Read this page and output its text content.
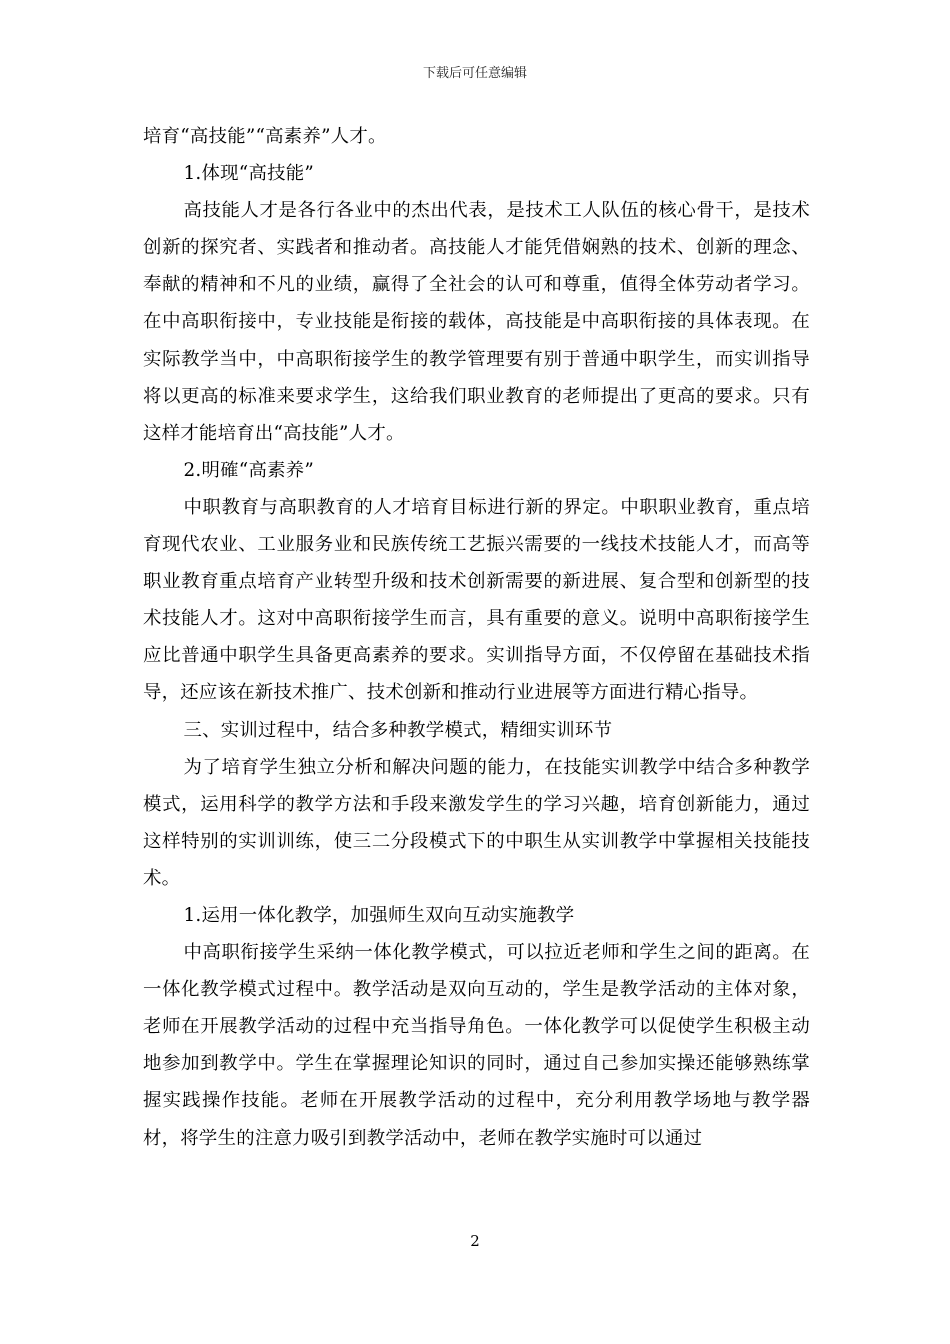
下载后可任意编辑

培育“高技能”“高素养”人才。

1.体现“高技能”

高技能人才是各行各业中的杰出代表，是技术工人队伍的核心骨干，是技术创新的探究者、实践者和推动者。高技能人才能凭借娴熟的技术、创新的理念、奉献的精神和不凡的业绩，赢得了全社会的认可和尊重，值得全体劳动者学习。在中高职衔接中，专业技能是衔接的载体，高技能是中高职衔接的具体表现。在实际教学当中，中高职衔接学生的教学管理要有别于普通中职学生，而实训指导将以更高的标准来要求学生，这给我们职业教育的老师提出了更高的要求。只有这样才能培育出“高技能”人才。

2.明確“高素养”

中职教育与高职教育的人才培育目标进行新的界定。中职职业教育，重点培育现代农业、工业服务业和民族传统工艺振兴需要的一线技术技能人才，而高等职业教育重点培育产业转型升级和技术创新需要的新进展、复合型和创新型的技术技能人才。这对中高职衔接学生而言，具有重要的意义。说明中高职衔接学生应比普通中职学生具备更高素养的要求。实训指导方面，不仅停留在基础技术指导，还应该在新技术推广、技术创新和推动行业进展等方面进行精心指导。

三、实训过程中，结合多种教学模式，精细实训环节

为了培育学生独立分析和解决问题的能力，在技能实训教学中结合多种教学模式，运用科学的教学方法和手段来激发学生的学习兴趣，培育创新能力，通过这样特别的实训训练，使三二分段模式下的中职生从实训教学中掌握相关技能技术。

1.运用一体化教学，加强师生双向互动实施教学

中高职衔接学生采纳一体化教学模式，可以拉近老师和学生之间的距离。在一体化教学模式过程中。教学活动是双向互动的，学生是教学活动的主体对象，老师在开展教学活动的过程中充当指导角色。一体化教学可以促使学生积极主动地参加到教学中。学生在掌握理论知识的同时，通过自己参加实操还能够熟练掌握实践操作技能。老师在开展教学活动的过程中，充分利用教学场地与教学器材，将学生的注意力吸引到教学活动中，老师在教学实施时可以通过

2
